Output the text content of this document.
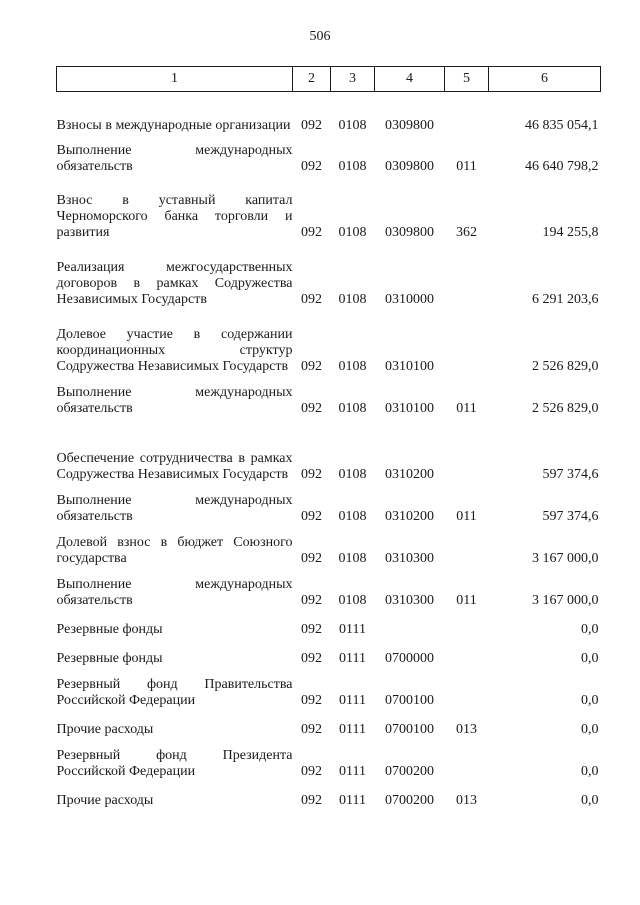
506
1	2	3	4	5	6
Взносы в международные организации	092	0108	0309800		46 835 054,1
Выполнение международных обязательств	092	0108	0309800	011	46 640 798,2
Взнос в уставный капитал Черноморского банка торговли и развития	092	0108	0309800	362	194 255,8
Реализация межгосударственных договоров в рамках Содружества Независимых Государств	092	0108	0310000		6 291 203,6
Долевое участие в содержании координационных структур Содружества Независимых Государств	092	0108	0310100		2 526 829,0
Выполнение международных обязательств	092	0108	0310100	011	2 526 829,0
Обеспечение сотрудничества в рамках Содружества Независимых Государств	092	0108	0310200		597 374,6
Выполнение международных обязательств	092	0108	0310200	011	597 374,6
Долевой взнос в бюджет Союзного государства	092	0108	0310300		3 167 000,0
Выполнение международных обязательств	092	0108	0310300	011	3 167 000,0
Резервные фонды	092	0111			0,0
Резервные фонды	092	0111	0700000		0,0
Резервный фонд Правительства Российской Федерации	092	0111	0700100		0,0
Прочие расходы	092	0111	0700100	013	0,0
Резервный фонд Президента Российской Федерации	092	0111	0700200		0,0
Прочие расходы	092	0111	0700200	013	0,0
